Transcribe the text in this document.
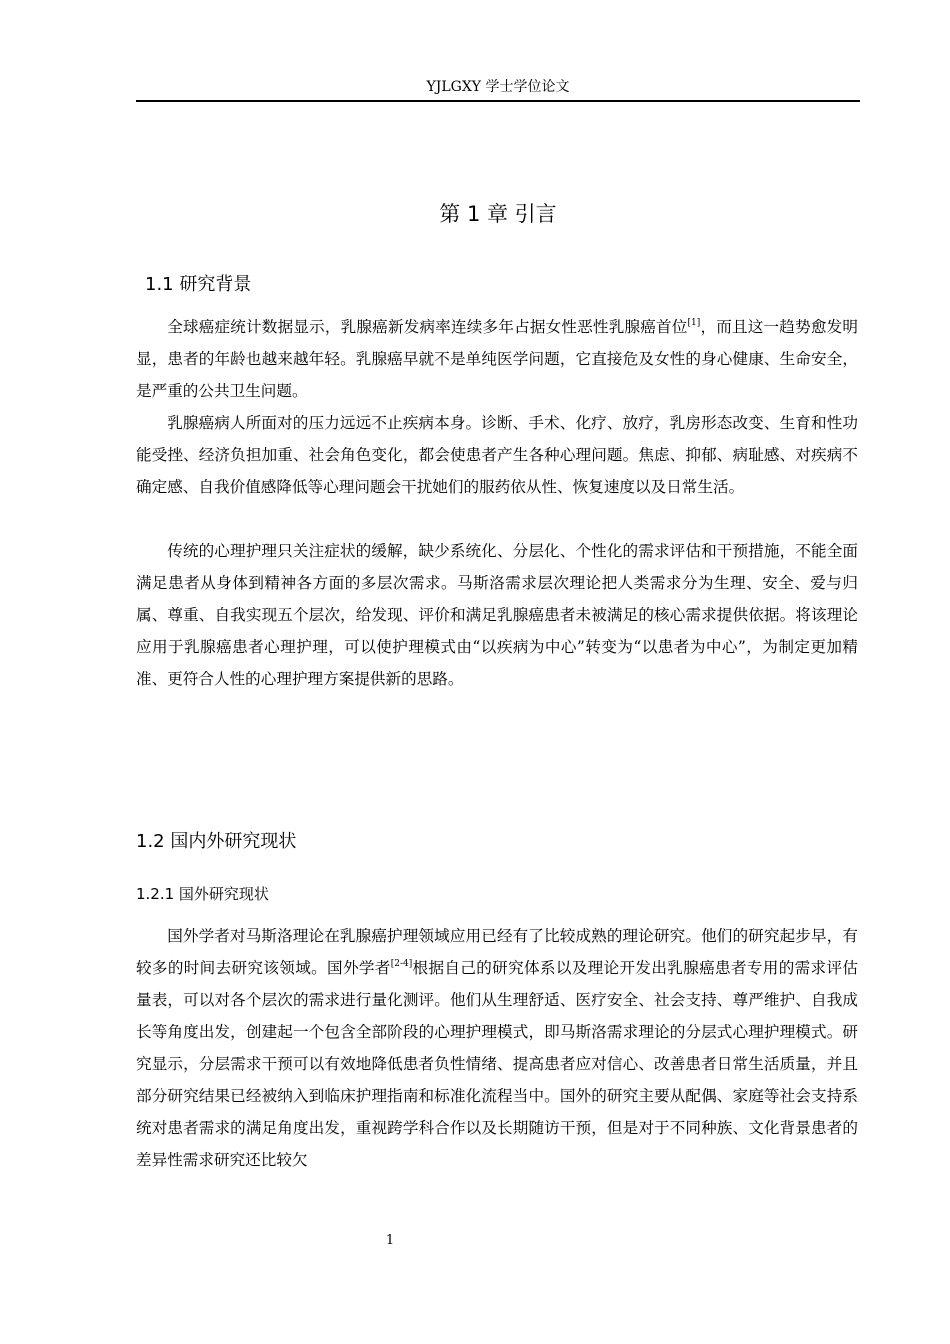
YJLGXY 学士学位论文
第 1 章 引言
1.1 研究背景

全球癌症统计数据显示，乳腺癌新发病率连续多年占据女性恶性乳腺癌首位[1]，而且这一趋势愈发明显，患者的年龄也越来越年轻。乳腺癌早就不是单纯医学问题，它直接危及女性的身心健康、生命安全，是严重的公共卫生问题。

乳腺癌病人所面对的压力远远不止疾病本身。诊断、手术、化疗、放疗，乳房形态改变、生育和性功能受挫、经济负担加重、社会角色变化，都会使患者产生各种心理问题。焦虑、抑郁、病耻感、对疾病不确定感、自我价值感降低等心理问题会干扰她们的服药依从性、恢复速度以及日常生活。

传统的心理护理只关注症状的缓解，缺少系统化、分层化、个性化的需求评估和干预措施，不能全面满足患者从身体到精神各方面的多层次需求。马斯洛需求层次理论把人类需求分为生理、安全、爱与归属、尊重、自我实现五个层次，给发现、评价和满足乳腺癌患者未被满足的核心需求提供依据。将该理论应用于乳腺癌患者心理护理，可以使护理模式由“以疾病为中心”转变为“以患者为中心”，为制定更加精准、更符合人性的心理护理方案提供新的思路。

1.2 国内外研究现状
1.2.1 国外研究现状

国外学者对马斯洛理论在乳腺癌护理领域应用已经有了比较成熟的理论研究。他们的研究起步早，有较多的时间去研究该领域。国外学者[2-4]根据自己的研究体系以及理论开发出乳腺癌患者专用的需求评估量表，可以对各个层次的需求进行量化测评。他们从生理舒适、医疗安全、社会支持、尊严维护、自我成长等角度出发，创建起一个包含全部阶段的心理护理模式，即马斯洛需求理论的分层式心理护理模式。研究显示，分层需求干预可以有效地降低患者负性情绪、提高患者应对信心、改善患者日常生活质量，并且部分研究结果已经被纳入到临床护理指南和标准化流程当中。国外的研究主要从配偶、家庭等社会支持系统对患者需求的满足角度出发，重视跨学科合作以及长期随访干预，但是对于不同种族、文化背景患者的差异性需求研究还比较欠

1
